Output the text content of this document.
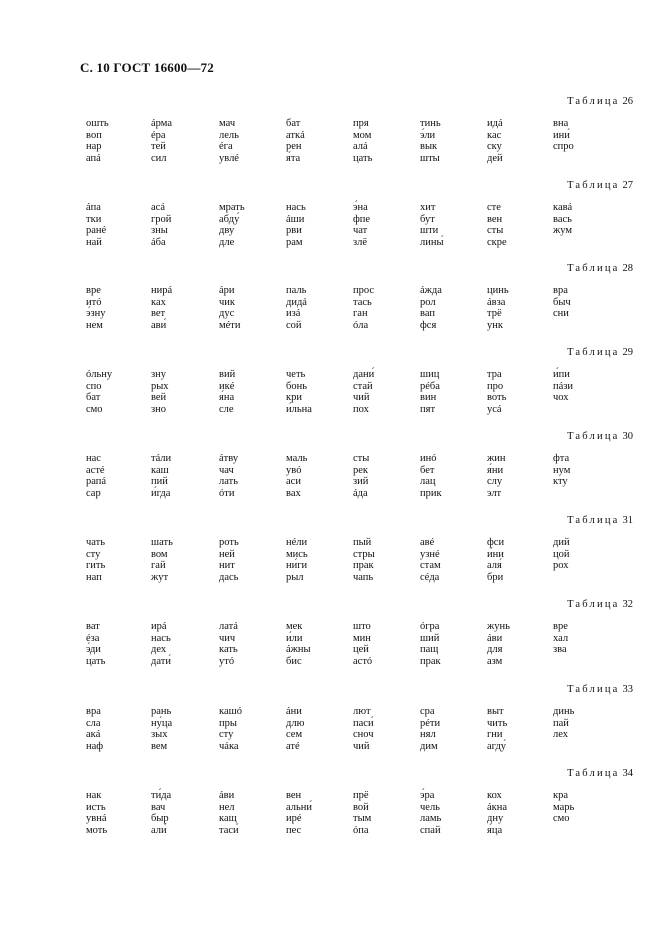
С. 10 ГОСТ 16600—72
Таблица 26
ошть
вoп
нар
апá
áрма
éра
тей
сил
мач
лель
éга
увлé
бат
аткá
рен
я́та
пря
мом
алá
цать
тинь
э́ли
вык
шты
идá
кас
ску
дей
вна
ини́
спро
Таблица 27
áпа
тки
ранé
най
асá
грой
зны
áба
мрать
абду́
дву
дле
нась
áши
рви
рам
э́на
фпе
чат
злё
хит
бут
шти
лины́
сте
вен
сты
скре
кавá
вась
жум
Таблица 28
вре
итó
э́зну
нем
нирá
ках
вет
ави́
áри
чик
дус
мéти
паль
дидá
изá
сой
прос
тась
ган
óла
áжда
рол
вап
фся
цинь
áвза
трё
унк
вра
быч
сни
Таблица 29
óльну
спо
бат
смо
зну
рых
вей
зно
вий
икé
я́на
сле
четь
бонь
кри
и́льна
дани́
стай
чий
пох
шиц
рéба
вин
пят
тра
про
воть
усá
и́пи
пáзи
чох
Таблица 30
нас
астé
рапá
сар
тáли
каш
пий
и́гда
áтву
чач
лать
óти
маль
увó
аси
вах
сты
рек
зий
áда
инó
бет
лац
прик
жин
я́ни
слу
элт
фта
нум
кту
Таблица 31
чать
сту
гить
нап
шать
вом
гай
жут
роть
ней
нит
дась
нéли
мись
ни́ги
рыл
пый
стры
прак
чапь
авé
узнé
стам
сéда
фси
и́ни
аля́
бри
дий
цой
рох
Таблица 32
ват
éза
э́ди
цать
ирá
нась
дех
дати́
латá
чич
кать
утó
мек
и́ли
áжны
бис
што
мин
цей
астó
óгра
ший
пащ
прак
жунь
áви
для
азм
вре
хал
зва
Таблица 33
вра
сла
акá
наф
рань
ну́ца
зых
вем
кашó
пры
сту
чáка
áни
длю
сем
атé
лют
паси́
сноч
чий
сра
рéти
нял
дим
выт
чить
гни
агду́
динь
пай
лех
Таблица 34
нак
исть
увнá
моть
ти́да
вач
быр
али́
áви
нел
кащ
таси́
вен
альни́
ирé
пес
прё
вой
тым
óпа
э́ра
чель
ламь
спай
кох
áкна
дну
я́ца
кра
марь
смо
